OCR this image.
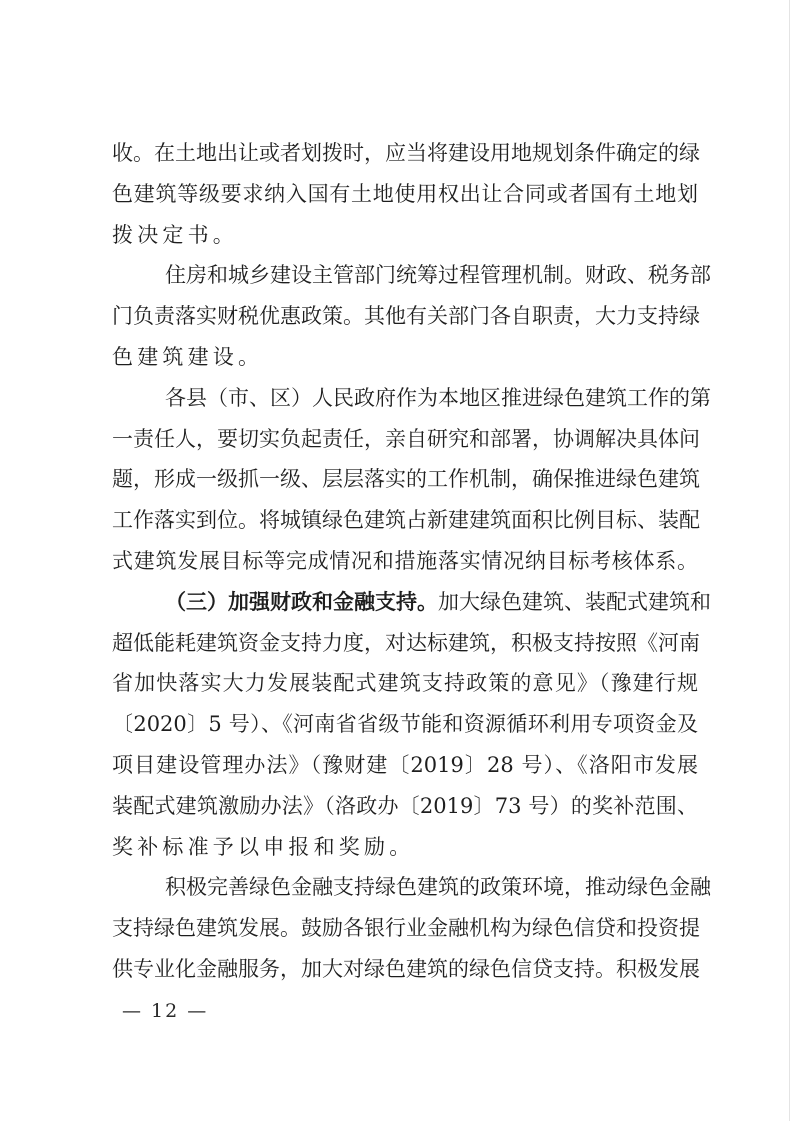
收。在土地出让或者划拨时，应当将建设用地规划条件确定的绿
色建筑等级要求纳入国有土地使用权出让合同或者国有土地划
拨决定书。
住房和城乡建设主管部门统筹过程管理机制。财政、税务部
门负责落实财税优惠政策。其他有关部门各自职责，大力支持绿
色建筑建设。
各县（市、区）人民政府作为本地区推进绿色建筑工作的第
一责任人，要切实负起责任，亲自研究和部署，协调解决具体问
题，形成一级抓一级、层层落实的工作机制，确保推进绿色建筑
工作落实到位。将城镇绿色建筑占新建建筑面积比例目标、装配
式建筑发展目标等完成情况和措施落实情况纳目标考核体系。
（三）加强财政和金融支持。加大绿色建筑、装配式建筑和
超低能耗建筑资金支持力度，对达标建筑，积极支持按照《河南
省加快落实大力发展装配式建筑支持政策的意见》（豫建行规
〔2020〕5 号）、《河南省省级节能和资源循环利用专项资金及
项目建设管理办法》（豫财建〔2019〕28 号）、《洛阳市发展
装配式建筑激励办法》（洛政办〔2019〕73 号）的奖补范围、
奖补标准予以申报和奖励。
积极完善绿色金融支持绿色建筑的政策环境，推动绿色金融
支持绿色建筑发展。鼓励各银行业金融机构为绿色信贷和投资提
供专业化金融服务，加大对绿色建筑的绿色信贷支持。积极发展
— 12 —
